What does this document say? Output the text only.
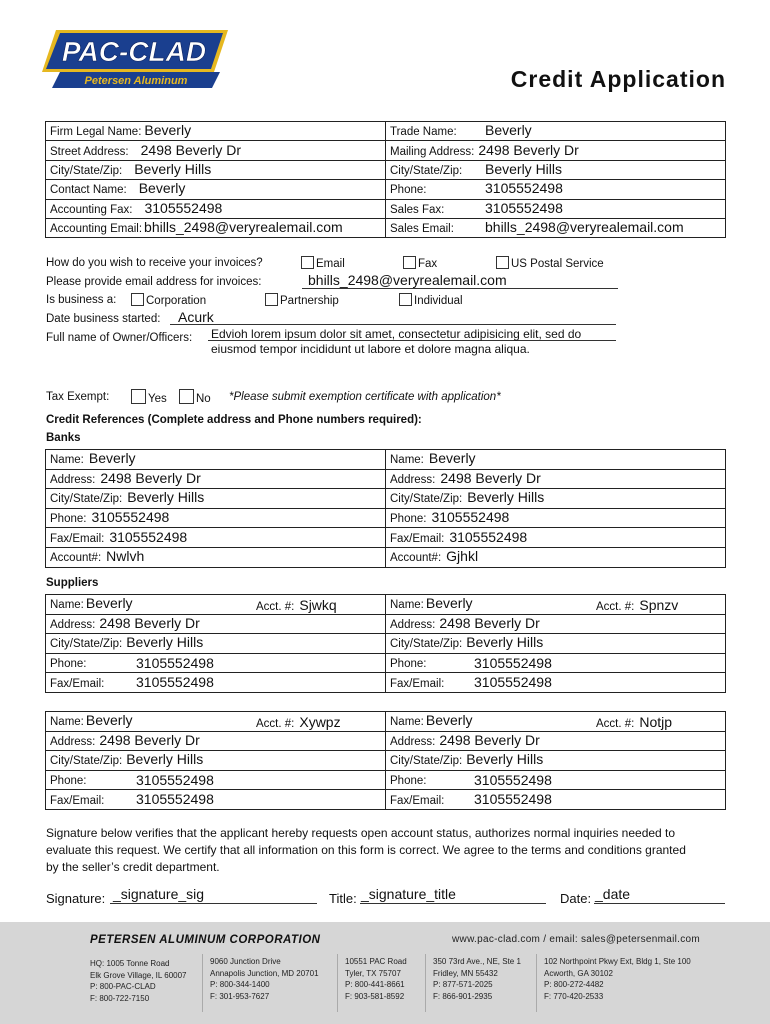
PAC-CLAD
Petersen Aluminum	Credit Application
Firm Legal Name: Beverly	Trade Name: Beverly

Street Address: 2498 Beverly Dr	Mailing Address: 2498 Beverly Dr
City/State/Zip: Beverly Hills	City/State/Zip: Beverly Hills

Contact Name: Beverly	Phone: 3105552498

Accounting Fax: 3105552498	Sales Fax: 3105552498

Accounting Email: bhills_2498@veryrealemail.com	Sales Email: bhills_2498@veryrealemail.com
How do you wish to receive your invoices?	Email	Fax	US Postal Service
Please provide email address for invoices:	bhills_2498@veryrealemail.com
Is business a:	Corporation	Partnership	Individual
Date business started:	Acurk
Full name of Owner/Officers: Edvioh lorem ipsum dolor sit amet, consectetur adipisicing elit, sed do
eiusmod tempor incididunt ut labore et dolore magna aliqua.
Tax Exempt:	Yes	No *Please submit exemption certificate with application*
Credit References (Complete address and Phone numbers required):
Banks
Name: Beverly	Name: Beverly
Address: 2498 Beverly Dr	Address: 2498 Beverly Dr
City/State/Zip: Beverly Hills	City/State/Zip: Beverly Hills
Phone: 3105552498	Phone: 3105552498
Fax/Email: 3105552498	Fax/Email: 3105552498
Account#: Nwlvh	Account#: Gjhkl
Suppliers
Name: Beverly Acct. #: Sjwkq	Name: Beverly Acct. #: Spnzv

Address: 2498 Beverly Dr	Address: 2498 Beverly Dr
City/State/Zip: Beverly Hills	City/State/Zip: Beverly Hills
Phone: 3105552498	Phone: 3105552498

Fax/Email: 3105552498	Fax/Email: 3105552498
Name: Beverly Acct. #: Xywpz	Name: Beverly Acct. #: Notjp

Address: 2498 Beverly Dr	Address: 2498 Beverly Dr
City/State/Zip: Beverly Hills	City/State/Zip: Beverly Hills
Phone: 3105552498	Phone: 3105552498

Fax/Email: 3105552498	Fax/Email: 3105552498
Signature below verifies that the applicant hereby requests open account status, authorizes normal inquiries needed to
evaluate this request. We certify that all information on this form is correct. We agree to the terms and conditions granted
by the seller’s credit department.
Signature: _signature_sig	Title: _signature_title	Date: _date
PETERSEN ALUMINUM CORPORATION	www.pac-clad.com / email: sales@petersenmail.com
HQ: 1005 Tonne Road
Elk Grove Village, IL 60007
P: 800-PAC-CLAD
F: 800-722-7150
9060 Junction Drive
Annapolis Junction, MD 20701
P: 800-344-1400
F: 301-953-7627
10551 PAC Road
Tyler, TX 75707
P: 800-441-8661
F: 903-581-8592
350 73rd Ave., NE, Ste 1
Fridley, MN 55432
P: 877-571-2025
F: 866-901-2935
102 Northpoint Pkwy Ext, Bldg 1, Ste 100
Acworth, GA 30102
P: 800-272-4482
F: 770-420-2533
